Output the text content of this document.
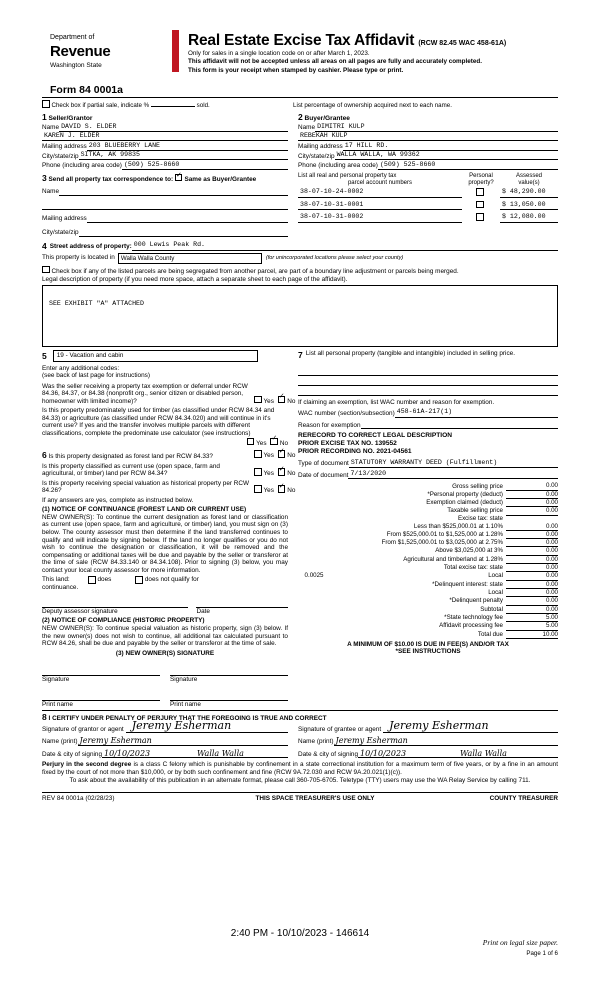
Department of
Revenue
Washington State
Real Estate Excise Tax Affidavit (RCW 82.45 WAC 458-61A)
Only for sales in a single location code on or after March 1, 2023.
This affidavit will not be accepted unless all areas on all pages are fully and accurately completed.
This form is your receipt when stamped by cashier. Please type or print.
Form 84 0001a
Check box if partial sale, indicate %	sold.	List percentage of ownership acquired next to each name.
1 Seller/Grantor
Name DAVID S. ELDER
KAREN J. ELDER
Mailing address 203 BLUEBERRY LANE
City/state/zip SITKA, AK 99835
Phone (including area code) (509) 525-8660
2 Buyer/Grantee
Name DIMITRI KULP
REBEKAH KULP
Mailing address 17 HILL RD.
City/state/zip WALLA WALLA, WA 99362
Phone (including area code) (509) 525-8660
3 Send all property tax correspondence to: ✓ Same as Buyer/Grantee
Name
Mailing address
City/state/zip
List all real and personal property tax
parcel account numbers
Personal
property?
Assessed
value(s)
38-07-10-24-0002	$ 48,290.00
38-07-10-31-0001	$ 13,050.00
38-07-10-31-0002	$ 12,080.00
4 Street address of property: 000 Lewis Peak Rd.
This property is located in Walla Walla County	(for unincorporated locations please select your county)
Check box if any of the listed parcels are being segregated from another parcel, are part of a boundary line adjustment or parcels being merged.
Legal description of property (if you need more space, attach a separate sheet to each page of the affidavit).
SEE EXHIBIT "A" ATTACHED
5	19 - Vacation and cabin
Enter any additional codes:
(see back of last page for instructions)
Was the seller receiving a property tax exemption or deferral under RCW 84.36, 84.37, or 84.38 (nonprofit org., senior citizen or disabled person, homeowner with limited income)?	Yes ✓ No
Is this property predominately used for timber (as classified under RCW 84.34 and 84.33) or agriculture (as classified under RCW 84.34.020) and will continue in it's current use? If yes and the transfer involves multiple parcels with different classifications, complete the predominate use calculator (see instructions)
Yes ✓ No
6 Is this property designated as forest land per RCW 84.33?	Yes ✓ No
Is this property classified as current use (open space, farm and agricultural, or timber) land per RCW 84.34?	Yes ✓ No
Is this property receiving special valuation as historical property per RCW 84.26?	Yes ✓ No
If any answers are yes, complete as instructed below.
(1) NOTICE OF CONTINUANCE (FOREST LAND OR CURRENT USE)
NEW OWNER(S): To continue the current designation as forest land or classification as current use (open space, farm and agriculture, or timber) land, you must sign on (3) below. The county assessor must then determine if the land transferred continues to qualify and will indicate by signing below. If the land no longer qualifies or you do not wish to continue the designation or classification, it will be removed and the compensating or additional taxes will be due and payable by the seller or transferor at the time of sale (RCW 84.33.140 or 84.34.108). Prior to signing (3) below, you may contact your local county assessor for more information.
This land:	does	does not qualify for
continuance.
Deputy assessor signature	Date
(2) NOTICE OF COMPLIANCE (HISTORIC PROPERTY)
NEW OWNER(S): To continue special valuation as historic property, sign (3) below. If the new owner(s) does not wish to continue, all additional tax calculated pursuant to RCW 84.26, shall be due and payable by the seller or transferor at the time of sale.
(3) NEW OWNER(S) SIGNATURE
Signature	Signature
Print name	Print name
7 List all personal property (tangible and intangible) included in selling price.
If claiming an exemption, list WAC number and reason for exemption.
WAC number (section/subsection) 458-61A-217(1)
Reason for exemption
RERECORD TO CORRECT LEGAL DESCRIPTION
PRIOR EXCISE TAX NO. 139552
PRIOR RECORDING NO. 2021-04561
Type of document STATUTORY WARRANTY DEED (Fulfillment)
Date of document 7/13/2020
	Gross selling price	0.00
	*Personal property (deduct)	0.00
	Exemption claimed (deduct)	0.00
	Taxable selling price	0.00
	Excise tax: state	
	Less than $525,000.01 at 1.10%	0.00
	From $525,000.01 to $1,525,000 at 1.28%	0.00
	From $1,525,000.01 to $3,025,000 at 2.75%	0.00
	Above $3,025,000 at 3%	0.00
	Agricultural and timberland at 1.28%	0.00
	Total excise tax: state	0.00
0.0025	Local	0.00
	*Delinquent interest: state	0.00
	Local	0.00
	*Delinquent penalty	0.00
	Subtotal	0.00
	*State technology fee	5.00
	Affidavit processing fee	5.00
	Total due	10.00
A MINIMUM OF $10.00 IS DUE IN FEE(S) AND/OR TAX
*SEE INSTRUCTIONS
8 I CERTIFY UNDER PENALTY OF PERJURY THAT THE FOREGOING IS TRUE AND CORRECT
Signature of grantor or agent Jeremy Esherman
Name (print) Jeremy Esherman
Date & city of signing 10/10/2023	Walla Walla
Signature of grantee or agent Jeremy Esherman
Name (print) Jeremy Esherman
Date & city of signing 10/10/2023	Walla Walla
Perjury in the second degree is a class C felony which is punishable by confinement in a state correctional institution for a maximum term of five years, or by a fine in an amount fixed by the court of not more than $10,000, or by both such confinement and fine (RCW 9A.72.030 and RCW 9A.20.021(1)(c)).
To ask about the availability of this publication in an alternate format, please call 360-705-6705. Teletype (TTY) users may use the WA Relay Service by calling 711.
REV 84 0001a (02/28/23)	THIS SPACE TREASURER'S USE ONLY	COUNTY TREASURER
2:40 PM - 10/10/2023 - 146614
Print on legal size paper.
Page 1 of 6
